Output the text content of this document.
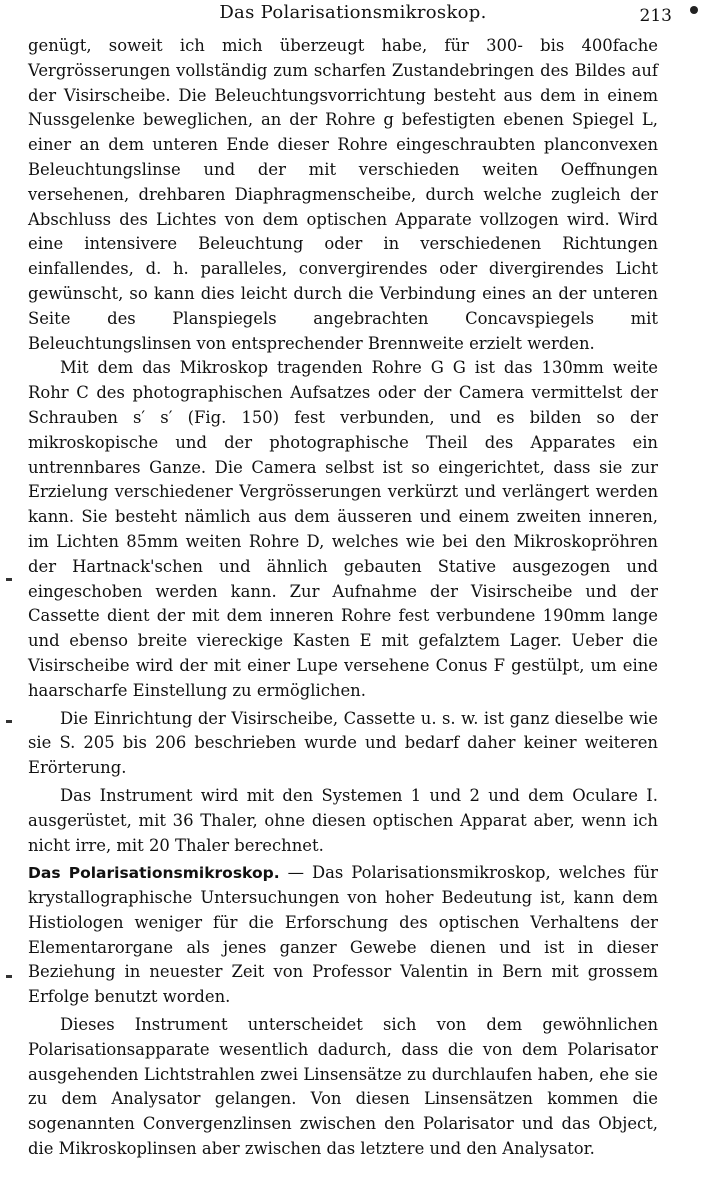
Das Polarisationsmikroskop.	213

genügt, soweit ich mich überzeugt habe, für 300- bis 400fache Vergrösserungen vollständig zum scharfen Zustandebringen des Bildes auf der Visirscheibe. Die Beleuchtungsvorrichtung besteht aus dem in einem Nussgelenke beweglichen, an der Rohre g befestigten ebenen Spiegel L, einer an dem unteren Ende dieser Rohre eingeschraubten planconvexen Beleuchtungslinse und der mit verschieden weiten Oeffnungen versehenen, drehbaren Diaphragmenscheibe, durch welche zugleich der Abschluss des Lichtes von dem optischen Apparate vollzogen wird. Wird eine intensivere Beleuchtung oder in verschiedenen Richtungen einfallendes, d. h. paralleles, convergirendes oder divergirendes Licht gewünscht, so kann dies leicht durch die Verbindung eines an der unteren Seite des Planspiegels angebrachten Concavspiegels mit Beleuchtungslinsen von entsprechender Brennweite erzielt werden.

Mit dem das Mikroskop tragenden Rohre G G ist das 130mm weite Rohr C des photographischen Aufsatzes oder der Camera vermittelst der Schrauben s′ s′ (Fig. 150) fest verbunden, und es bilden so der mikroskopische und der photographische Theil des Apparates ein untrennbares Ganze. Die Camera selbst ist so eingerichtet, dass sie zur Erzielung verschiedener Vergrösserungen verkürzt und verlängert werden kann. Sie besteht nämlich aus dem äusseren und einem zweiten inneren, im Lichten 85mm weiten Rohre D, welches wie bei den Mikroskopröhren der Hartnack'schen und ähnlich gebauten Stative ausgezogen und eingeschoben werden kann. Zur Aufnahme der Visirscheibe und der Cassette dient der mit dem inneren Rohre fest verbundene 190mm lange und ebenso breite viereckige Kasten E mit gefalztem Lager. Ueber die Visirscheibe wird der mit einer Lupe versehene Conus F gestülpt, um eine haarscharfe Einstellung zu ermöglichen.

Die Einrichtung der Visirscheibe, Cassette u. s. w. ist ganz dieselbe wie sie S. 205 bis 206 beschrieben wurde und bedarf daher keiner weiteren Erörterung.

Das Instrument wird mit den Systemen 1 und 2 und dem Oculare I. ausgerüstet, mit 36 Thaler, ohne diesen optischen Apparat aber, wenn ich nicht irre, mit 20 Thaler berechnet.

Das Polarisationsmikroskop. — Das Polarisationsmikroskop, welches für krystallographische Untersuchungen von hoher Bedeutung ist, kann dem Histiologen weniger für die Erforschung des optischen Verhaltens der Elementarorgane als jenes ganzer Gewebe dienen und ist in dieser Beziehung in neuester Zeit von Professor Valentin in Bern mit grossem Erfolge benutzt worden.

Dieses Instrument unterscheidet sich von dem gewöhnlichen Polarisationsapparate wesentlich dadurch, dass die von dem Polarisator ausgehenden Lichtstrahlen zwei Linsensätze zu durchlaufen haben, ehe sie zu dem Analysator gelangen. Von diesen Linsensätzen kommen die sogenannten Convergenzlinsen zwischen den Polarisator und das Object, die Mikroskoplinsen aber zwischen das letztere und den Analysator.
